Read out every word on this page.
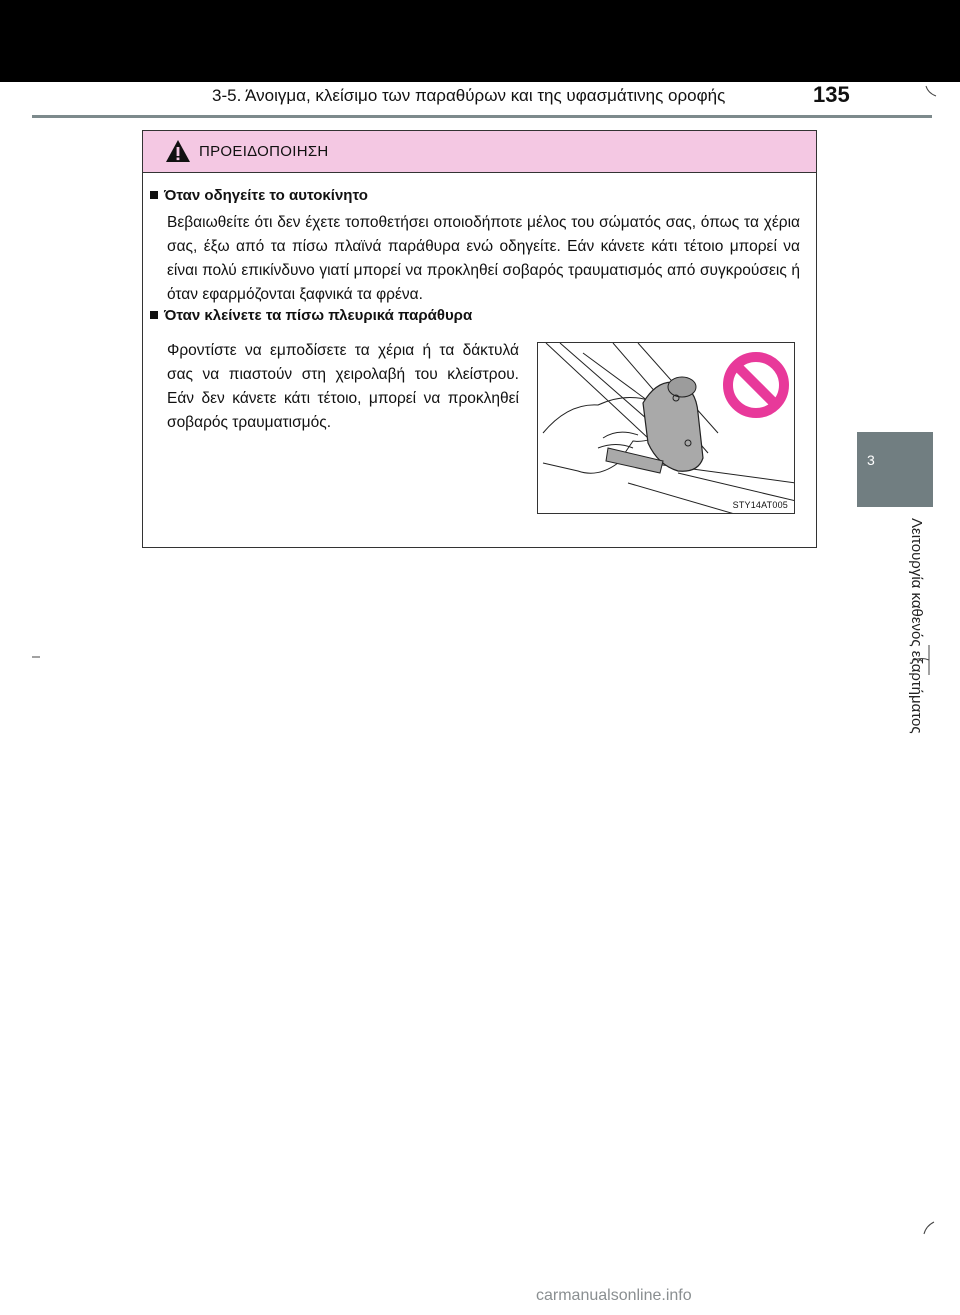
3-5. Άνοιγμα, κλείσιμο των παραθύρων και της υφασμάτινης οροφής	135
3
Λειτουργία καθενός εξαρτήματος
ΠΡΟΕΙΔΟΠΟΙΗΣΗ
Όταν οδηγείτε το αυτοκίνητο
Βεβαιωθείτε ότι δεν έχετε τοποθετήσει οποιοδήποτε μέλος του σώματός σας, όπως τα χέρια σας, έξω από τα πίσω πλαϊνά παράθυρα ενώ οδηγείτε. Εάν κάνετε κάτι τέτοιο μπορεί να είναι πολύ επικίνδυνο γιατί μπορεί να προκληθεί σοβαρός τραυματισμός από συγκρούσεις ή όταν εφαρμόζονται ξαφνικά τα φρένα.
Όταν κλείνετε τα πίσω πλευρικά παράθυρα
Φροντίστε να εμποδίσετε τα χέρια ή τα δάκτυλά σας να πιαστούν στη χειρολαβή του κλείστρου. Εάν δεν κάνετε κάτι τέτοιο, μπορεί να προκληθεί σοβαρός τραυματισμός.
STY14AT005
carmanualsonline.info
